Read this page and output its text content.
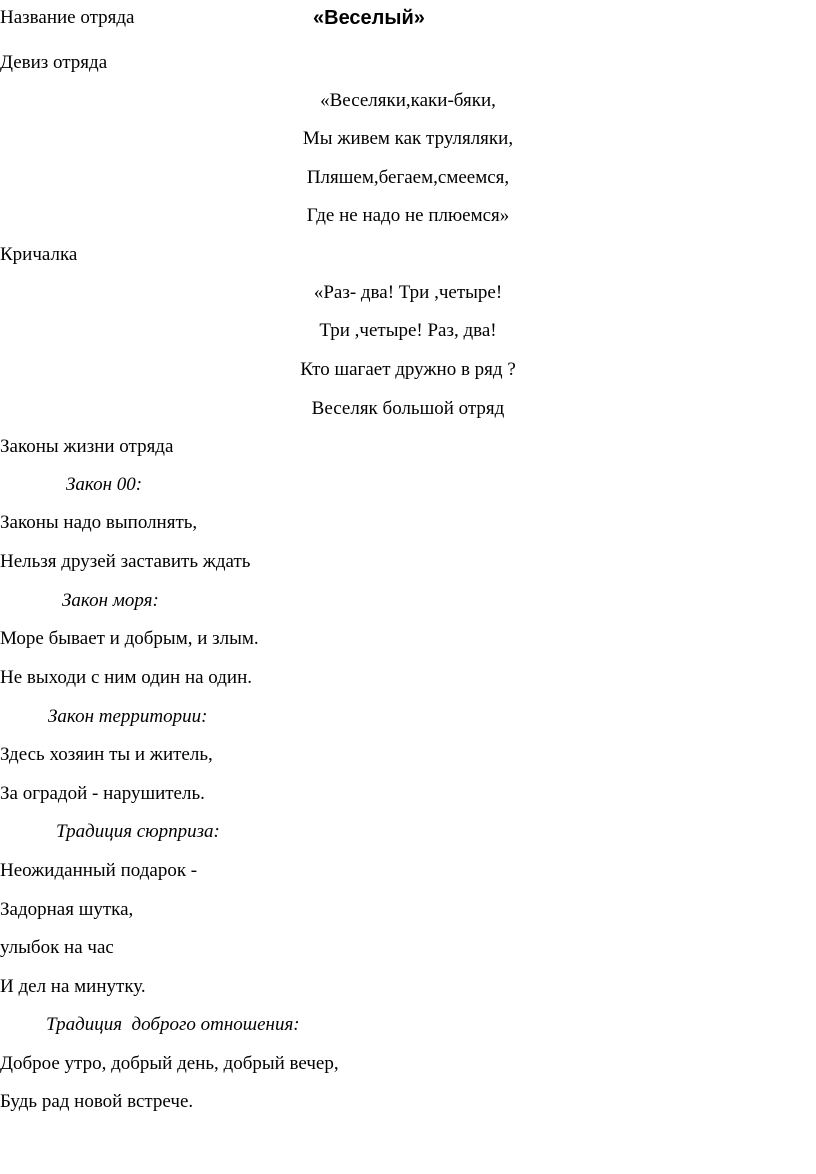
Название отряда	«Веселый»
Девиз отряда
«Веселяки,каки-бяки,
Мы живем как труляляки,
Пляшем,бегаем,смеемся,
Где не надо не плюемся»
Кричалка
«Раз- два! Три ,четыре!
Три ,четыре! Раз, два!
Кто шагает дружно в ряд ?
Веселяк большой отряд
Законы жизни отряда
Закон 00:
Законы надо выполнять,
Нельзя друзей заставить ждать
Закон моря:
Море бывает и добрым, и злым.
Не выходи с ним один на один.
Закон территории:
Здесь хозяин ты и житель,
За оградой - нарушитель.
Традиция сюрприза:
Неожиданный подарок -
Задорная шутка,
улыбок на час
И дел на минутку.
Традиция  доброго отношения:
Доброе утро, добрый день, добрый вечер,
Будь рад новой встрече.
